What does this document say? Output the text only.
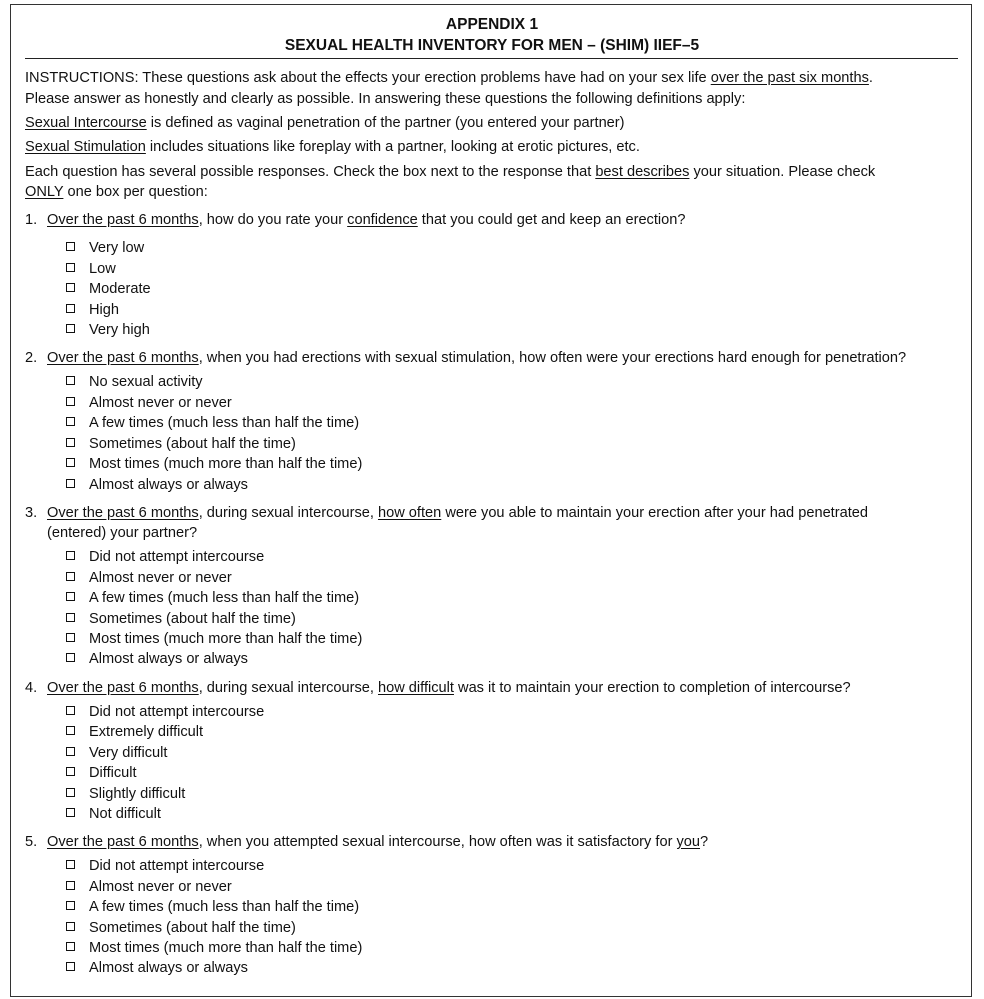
APPENDIX 1
SEXUAL HEALTH INVENTORY FOR MEN – (SHIM) IIEF–5
INSTRUCTIONS: These questions ask about the effects your erection problems have had on your sex life over the past six months.
Please answer as honestly and clearly as possible. In answering these questions the following definitions apply:
Sexual Intercourse is defined as vaginal penetration of the partner (you entered your partner)
Sexual Stimulation includes situations like foreplay with a partner, looking at erotic pictures, etc.
Each question has several possible responses. Check the box next to the response that best describes your situation. Please check
ONLY one box per question:
1. Over the past 6 months, how do you rate your confidence that you could get and keep an erection?
Very low
Low
Moderate
High
Very high
2. Over the past 6 months, when you had erections with sexual stimulation, how often were your erections hard enough for penetration?
No sexual activity
Almost never or never
A few times (much less than half the time)
Sometimes (about half the time)
Most times (much more than half the time)
Almost always or always
3. Over the past 6 months, during sexual intercourse, how often were you able to maintain your erection after your had penetrated
(entered) your partner?
Did not attempt intercourse
Almost never or never
A few times (much less than half the time)
Sometimes (about half the time)
Most times (much more than half the time)
Almost always or always
4. Over the past 6 months, during sexual intercourse, how difficult was it to maintain your erection to completion of intercourse?
Did not attempt intercourse
Extremely difficult
Very difficult
Difficult
Slightly difficult
Not difficult
5. Over the past 6 months, when you attempted sexual intercourse, how often was it satisfactory for you?
Did not attempt intercourse
Almost never or never
A few times (much less than half the time)
Sometimes (about half the time)
Most times (much more than half the time)
Almost always or always
